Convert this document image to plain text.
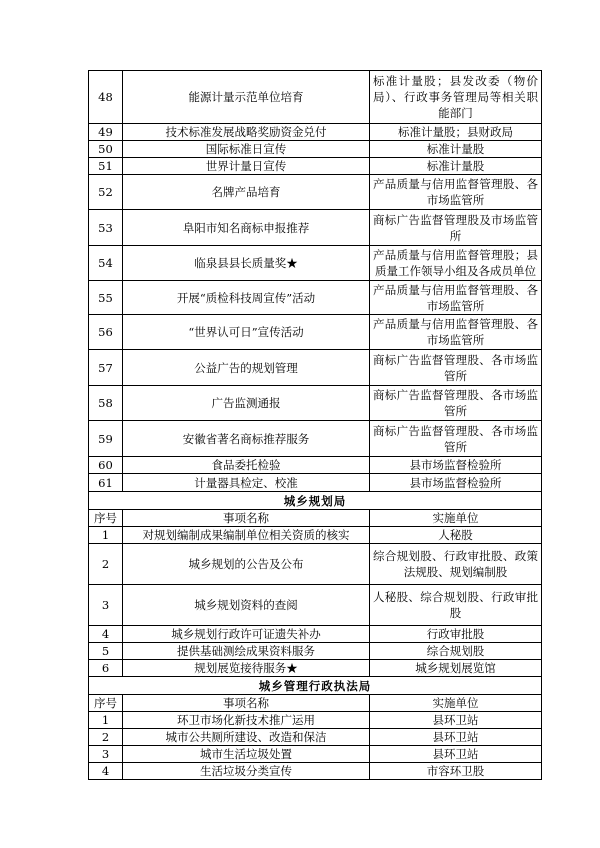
48	能源计量示范单位培育	标准计量股；县发改委（物价局）、行政事务管理局等相关职能部门
49	技术标准发展战略奖励资金兑付	标准计量股；县财政局
50	国际标准日宣传	标准计量股
51	世界计量日宣传	标准计量股
52	名牌产品培育	产品质量与信用监督管理股、各市场监管所
53	阜阳市知名商标申报推荐	商标广告监督管理股及市场监管所
54	临泉县县长质量奖★	产品质量与信用监督管理股；县质量工作领导小组及各成员单位
55	开展“质检科技周宣传”活动	产品质量与信用监督管理股、各市场监管所
56	“世界认可日”宣传活动	产品质量与信用监督管理股、各市场监管所
57	公益广告的规划管理	商标广告监督管理股、各市场监管所
58	广告监测通报	商标广告监督管理股、各市场监管所
59	安徽省著名商标推荐服务	商标广告监督管理股、各市场监管所
60	食品委托检验	县市场监督检验所
61	计量器具检定、校准	县市场监督检验所
城乡规划局		
序号	事项名称	实施单位
1	对规划编制成果编制单位相关资质的核实	人秘股
2	城乡规划的公告及公布	综合规划股、行政审批股、政策法规股、规划编制股
3	城乡规划资料的查阅	人秘股、综合规划股、行政审批股
4	城乡规划行政许可证遗失补办	行政审批股
5	提供基础测绘成果资料服务	综合规划股
6	规划展览接待服务★	城乡规划展览馆
城乡管理行政执法局		
序号	事项名称	实施单位
1	环卫市场化新技术推广运用	县环卫站
2	城市公共厕所建设、改造和保洁	县环卫站
3	城市生活垃圾处置	县环卫站
4	生活垃圾分类宣传	市容环卫股
